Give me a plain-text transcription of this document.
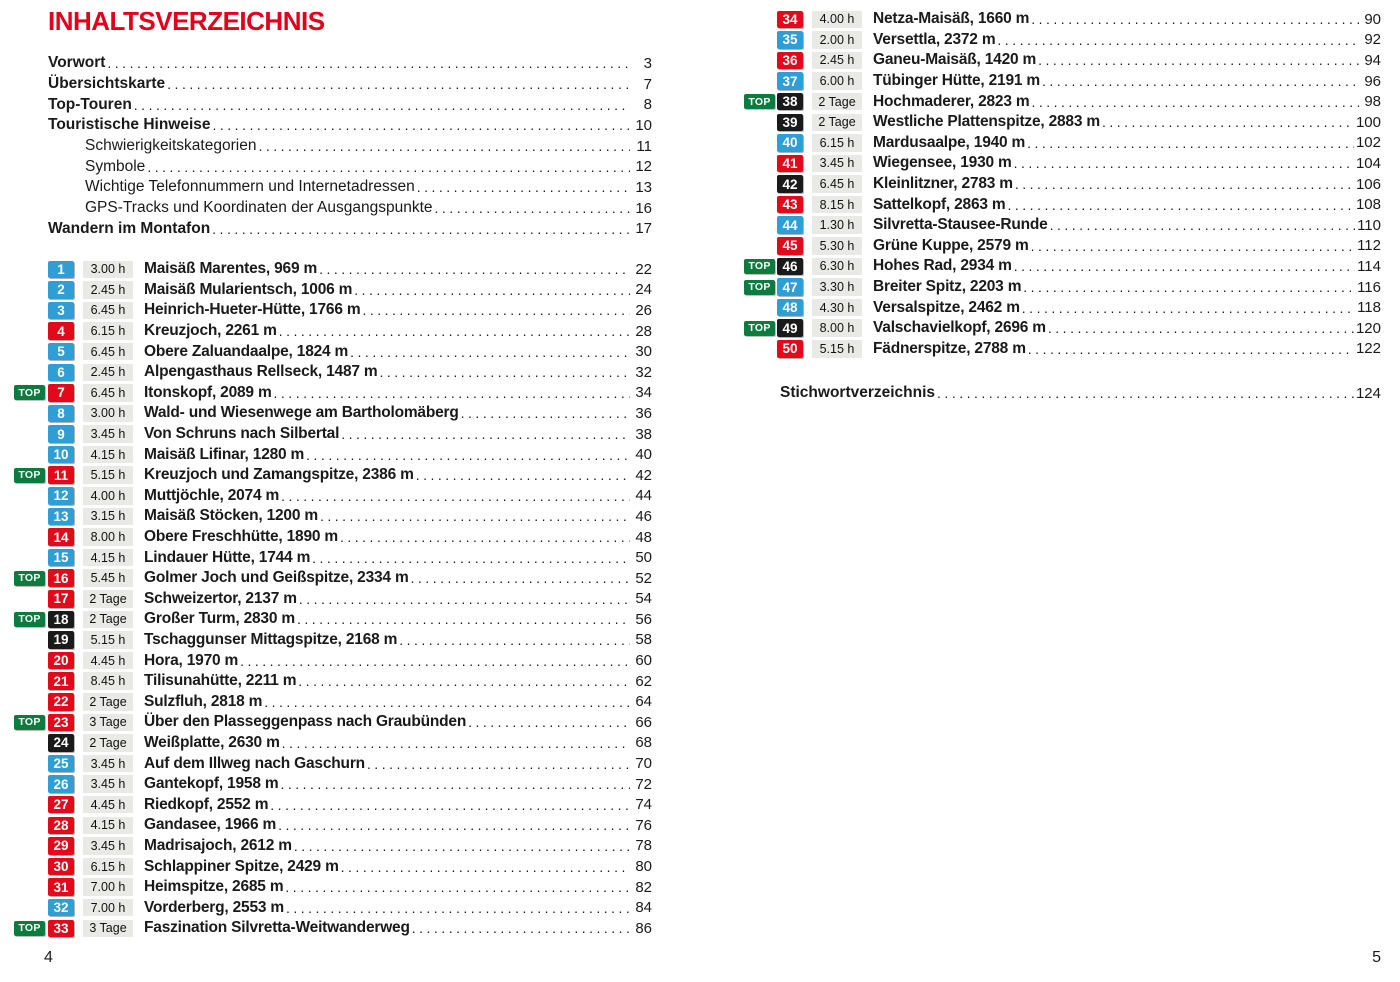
INHALTSVERZEICHNIS
Vorwort .....	3
Übersichtskarte .....	7
Top-Touren .....	8
Touristische Hinweise .....	10
Schwierigkeitskategorien .....	11
Symbole .....	12
Wichtige Telefonnummern und Internetadressen .....	13
GPS-Tracks und Koordinaten der Ausgangspunkte .....	16
Wandern im Montafon .....	17
1	3.00 h	Maisäß Marentes, 969 m .....	22
2	2.45 h	Maisäß Mularientsch, 1006 m .....	24
3	6.45 h	Heinrich-Hueter-Hütte, 1766 m .....	26
4	6.15 h	Kreuzjoch, 2261 m .....	28
5	6.45 h	Obere Zaluandaalpe, 1824 m .....	30
6	2.45 h	Alpengasthaus Rellseck, 1487 m .....	32
TOP	7	6.45 h	Itonskopf, 2089 m .....	34
8	3.00 h	Wald- und Wiesenwege am Bartholomäberg .....	36
9	3.45 h	Von Schruns nach Silbertal .....	38
10	4.15 h	Maisäß Lifinar, 1280 m .....	40
TOP 11	5.15 h	Kreuzjoch und Zamangspitze, 2386 m .....	42
12	4.00 h	Muttjöchle, 2074 m .....	44
13	3.15 h	Maisäß Stöcken, 1200 m .....	46
14	8.00 h	Obere Freschhütte, 1890 m .....	48
15	4.15 h	Lindauer Hütte, 1744 m .....	50
TOP 16	5.45 h	Golmer Joch und Geißspitze, 2334 m .....	52
17	2 Tage	Schweizertor, 2137 m .....	54
TOP 18	2 Tage	Großer Turm, 2830 m .....	56
19	5.15 h	Tschaggunser Mittagspitze, 2168 m .....	58
20	4.45 h	Hora, 1970 m .....	60
21	8.45 h	Tilisunahütte, 2211 m .....	62
22	2 Tage	Sulzfluh, 2818 m .....	64
TOP 23	3 Tage	Über den Plasseggenpass nach Graubünden .....	66
24	2 Tage	Weißplatte, 2630 m .....	68
25	3.45 h	Auf dem Illweg nach Gaschurn .....	70
26	3.45 h	Gantekopf, 1958 m .....	72
27	4.45 h	Riedkopf, 2552 m .....	74
28	4.15 h	Gandasee, 1966 m .....	76
29	3.45 h	Madrisajoch, 2612 m .....	78
30	6.15 h	Schlappiner Spitze, 2429 m .....	80
31	7.00 h	Heimspitze, 2685 m .....	82
32	7.00 h	Vorderberg, 2553 m .....	84
TOP 33	3 Tage	Faszination Silvretta-Weitwanderweg .....	86
34	4.00 h	Netza-Maisäß, 1660 m .....	90
35	2.00 h	Versettla, 2372 m .....	92
36	2.45 h	Ganeu-Maisäß, 1420 m .....	94
37	6.00 h	Tübinger Hütte, 2191 m .....	96
TOP 38	2 Tage	Hochmaderer, 2823 m .....	98
39	2 Tage	Westliche Plattenspitze, 2883 m .....	100
40	6.15 h	Mardusaalpe, 1940 m .....	102
41	3.45 h	Wiegensee, 1930 m .....	104
42	6.45 h	Kleinlitzner, 2783 m .....	106
43	8.15 h	Sattelkopf, 2863 m .....	108
44	1.30 h	Silvretta-Stausee-Runde .....	110
45	5.30 h	Grüne Kuppe, 2579 m .....	112
TOP 46	6.30 h	Hohes Rad, 2934 m .....	114
TOP 47	3.30 h	Breiter Spitz, 2203 m .....	116
48	4.30 h	Versalspitze, 2462 m .....	118
TOP 49	8.00 h	Valschavielkopf, 2696 m .....	120
50	5.15 h	Fädnerspitze, 2788 m .....	122
Stichwortverzeichnis .....	124
4	5
